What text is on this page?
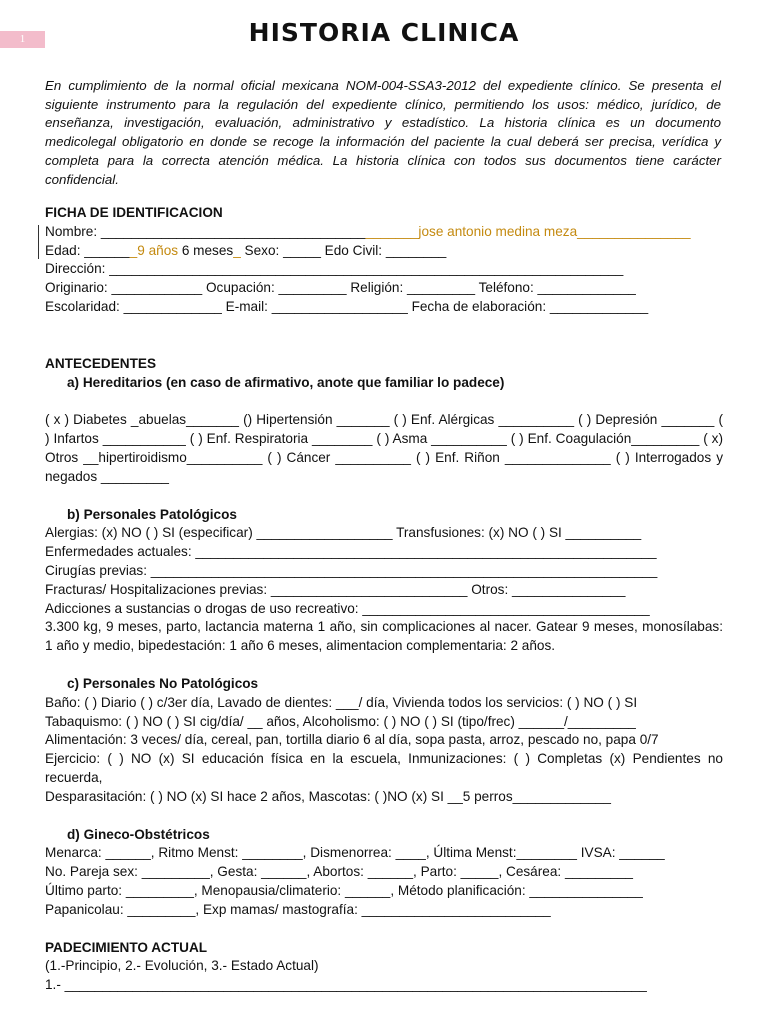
1	HISTORIA CLINICA

En cumplimiento de la normal oficial mexicana NOM-004-SSA3-2012 del expediente clínico. Se presenta el siguiente instrumento para la regulación del expediente clínico, permitiendo los usos: médico, jurídico, de enseñanza, investigación, evaluación, administrativo y estadístico. La historia clínica es un documento medicolegal obligatorio en donde se recoge la información del paciente la cual deberá ser precisa, verídica y completa para la correcta atención médica. La historia clínica con todos sus documentos tiene carácter confidencial.

FICHA DE IDENTIFICACION

Nombre: __________________________________________jose antonio medina meza_______________

Edad: _______9 años 6 meses_ Sexo: _____ Edo Civil: ________

Dirección: ____________________________________________________________________

Originario: ____________ Ocupación: _________ Religión: _________ Teléfono: _____________

Escolaridad: _____________ E-mail: __________________ Fecha de elaboración: _____________

ANTECEDENTES

a) Hereditarios (en caso de afirmativo, anote que familiar lo padece)

( x ) Diabetes _abuelas_______ () Hipertensión _______ ( ) Enf. Alérgicas __________ ( ) Depresión _______ ( ) Infartos ___________ ( ) Enf. Respiratoria ________ ( ) Asma __________ ( ) Enf. Coagulación_________ ( x) Otros __hipertiroidismo__________ ( ) Cáncer __________ ( ) Enf. Riñon ______________ ( ) Interrogados y negados _________

b) Personales Patológicos

Alergias: (x) NO ( ) SI (especificar) __________________ Transfusiones: (x) NO ( ) SI __________

Enfermedades actuales: _____________________________________________________________

Cirugías previas: ___________________________________________________________________

Fracturas/ Hospitalizaciones previas: __________________________ Otros: _______________

Adicciones a sustancias o drogas de uso recreativo: ______________________________________

3.300 kg, 9 meses, parto, lactancia materna 1 año, sin complicaciones al nacer. Gatear 9 meses, monosílabas: 1 año y medio, bipedestación: 1 año 6 meses, alimentacion complementaria: 2 años.

c) Personales No Patológicos

Baño: ( ) Diario ( ) c/3er día, Lavado de dientes: ___/ día, Vivienda todos los servicios: ( ) NO ( ) SI

Tabaquismo: ( ) NO ( ) SI cig/día/ __ años, Alcoholismo: ( ) NO ( ) SI (tipo/frec) ______/_________

Alimentación: 3 veces/ día, cereal, pan, tortilla diario 6 al día, sopa pasta, arroz, pescado no, papa 0/7

Ejercicio: ( ) NO (x) SI educación física en la escuela, Inmunizaciones: ( ) Completas (x) Pendientes no recuerda,

Desparasitación: ( ) NO (x) SI hace 2 años, Mascotas: ( )NO (x) SI __5 perros_____________

d) Gineco-Obstétricos

Menarca: ______, Ritmo Menst: ________, Dismenorrea: ____, Última Menst:________ IVSA: ______

No. Pareja sex: _________, Gesta: ______, Abortos: ______, Parto: _____, Cesárea: _________

Último parto: _________, Menopausia/climaterio: ______, Método planificación: _______________

Papanicolau: _________, Exp mamas/ mastografía: _________________________

PADECIMIENTO ACTUAL

(1.-Principio, 2.- Evolución, 3.- Estado Actual)

1.- _____________________________________________________________________________
